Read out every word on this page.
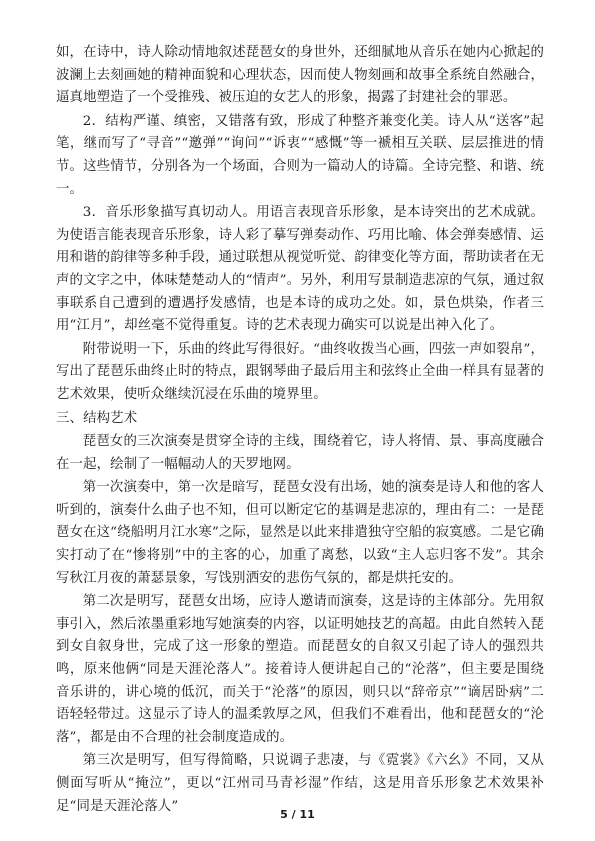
如，在诗中，诗人除动情地叙述琵琶女的身世外，还细腻地从音乐在她内心掀起的波澜上去刻画她的精神面貌和心理状态，因而使人物刻画和故事全系统自然融合，逼真地塑造了一个受推残、被压迫的女艺人的形象，揭露了封建社会的罪恶。

2．结构严谨、缜密，又错落有致，形成了种整齐兼变化美。诗人从“送客”起笔，继而写了“寻音”“邀弹”“询问”“诉衷”“感慨”等一褫相互关联、层层推进的情节。这些情节，分别各为一个场面，合则为一篇动人的诗篇。全诗完整、和谐、统一。

3．音乐形象描写真切动人。用语言表现音乐形象，是本诗突出的艺术成就。为使语言能表现音乐形象，诗人彩了摹写弹奏动作、巧用比喻、体会弹奏感情、运用和谐的韵律等多种手段，通过联想从视觉听觉、韵律变化等方面，帮助读者在无声的文字之中，体味楚楚动人的“情声”。另外，利用写景制造悲凉的气氛，通过叙事联系自己遭到的遭遇抒发感情，也是本诗的成功之处。如，景色烘染，作者三用“江月”，却丝毫不觉得重复。诗的艺术表现力确实可以说是出神入化了。

附带说明一下，乐曲的终此写得很好。“曲终收拨当心画，四弦一声如裂帛”，写出了琵琶乐曲终止时的特点，跟钢琴曲子最后用主和弦终止全曲一样具有显著的艺术效果，使听众继续沉浸在乐曲的境界里。

三、结构艺术

琵琶女的三次演奏是贯穿全诗的主线，围绕着它，诗人将情、景、事高度融合在一起，绘制了一幅幅动人的天罗地网。

第一次演奏中，第一次是暗写，琵琶女没有出场，她的演奏是诗人和他的客人听到的，演奏什么曲子也不知，但可以断定它的基调是悲凉的，理由有二：一是琵琶女在这“绕船明月江水寒”之际，显然是以此来排遣独守空船的寂寞感。二是它确实打动了在“惨将别”中的主客的心，加重了离愁，以致“主人忘归客不发”。其余写秋江月夜的萧瑟景象，写饯别洒安的悲伤气氛的，都是烘托安的。

第二次是明写，琵琶女出场，应诗人邀请而演奏，这是诗的主体部分。先用叙事引入，然后浓墨重彩地写她演奏的内容，以证明她技艺的高超。由此自然转入琵到女自叙身世，完成了这一形象的塑造。而琵琶女的自叙又引起了诗人的强烈共鸣，原来他俩“同是天涯沦落人”。接着诗人便讲起自己的“沦落”，但主要是围绕音乐讲的，讲心境的低沉，而关于“沦落”的原因，则只以“辞帝京”“谪居卧病”二语轻轻带过。这显示了诗人的温柔敦厚之风，但我们不难看出，他和琵琶女的“沦落”，都是由不合理的社会制度造成的。

第三次是明写，但写得简略，只说调子悲凄，与《霓裳》《六幺》不同，又从侧面写听从“掩泣”，更以“江州司马青衫湿”作结，这是用音乐形象艺术效果补足“同是天涯沦落人”

5 / 11
